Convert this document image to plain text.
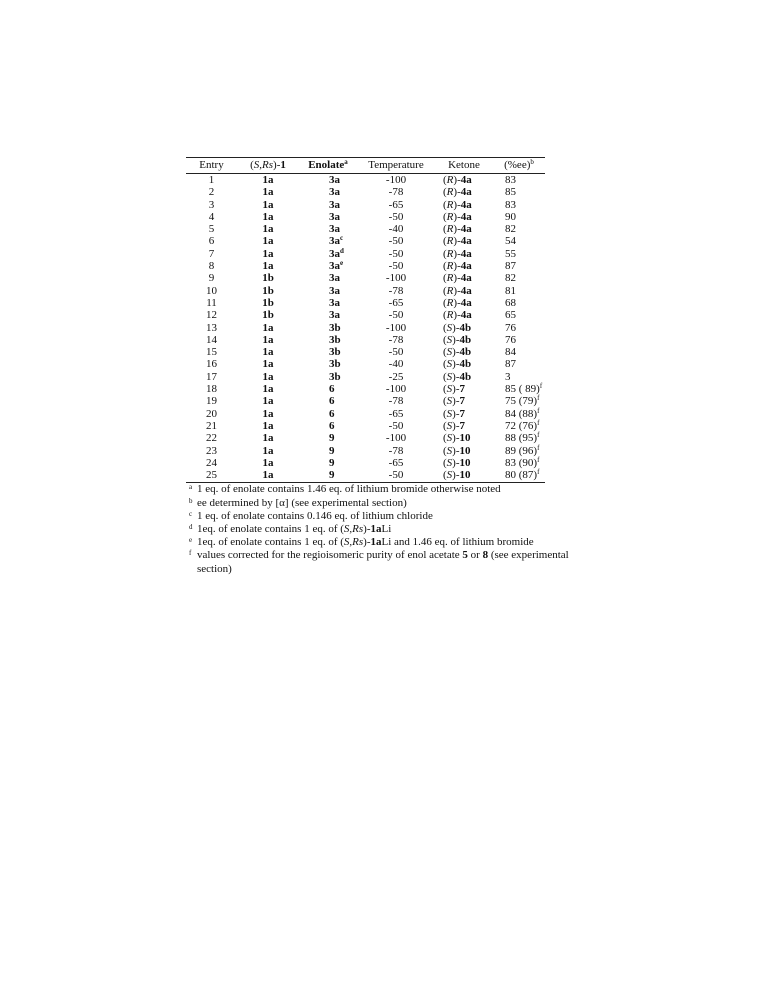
Entry	(S,Rs)-1	Enolate$^a$	Temperature	Ketone	$(\%ee)^b$
1	1a	3a	-100	(R)-4a	83
2	1a	3a	-78	(R)-4a	85
3	1a	3a	-65	(R)-4a	83
4	1a	3a	-50	(R)-4a	90
5	1a	3a	-40	(R)-4a	82
6	1a	$3a^c$	-50	(R)-4a	54
7	1a	$3a^d$	-50	(R)-4a	55
8	1a	$3a^e$	-50	(R)-4a	87
9	1b	3a	-100	(R)-4a	82
10	1b	3a	-78	(R)-4a	81
11	1b	3a	-65	(R)-4a	68
12	1b	3a	-50	(R)-4a	65
13	1a	3b	-100	(S)-4b	76
14	1a	3b	-78	(S)-4b	76
15	1a	3b	-50	(S)-4b	84
16	1a	3b	-40	(S)-4b	87
17	1a	3b	-25	(S)-4b	3
18	1a	6	-100	(S)-7	85 ( 89)$^f$
19	1a	6	-78	(S)-7	75 $(79)^f$
20	1a	6	-65	(S)-7	84 $(88)^f$
21	1a	6	-50	(S)-7	72 $(76)^f$
22	1a	9	-100	(S)-10	88 $(95)^f$
23	1a	9	-78	(S)-10	89 $(96)^f$
24	1a	9	-65	(S)-10	83 $(90)^f$
25	1a	9	-50	(S)-10	80 $(87)^f$
a 1 eq. of enolate contains 1.46 eq. of lithium bromide otherwise noted
b ee determined by [α] (see experimental section)
c 1 eq. of enolate contains 0.146 eq. of lithium chloride
d 1eq. of enolate contains 1 eq. of (S,Rs)-1aLi
e 1eq. of enolate contains 1 eq. of (S,Rs)-1aLi and 1.46 eq. of lithium bromide
f values corrected for the regioisomeric purity of enol acetate 5 or 8 (see experimental section)
